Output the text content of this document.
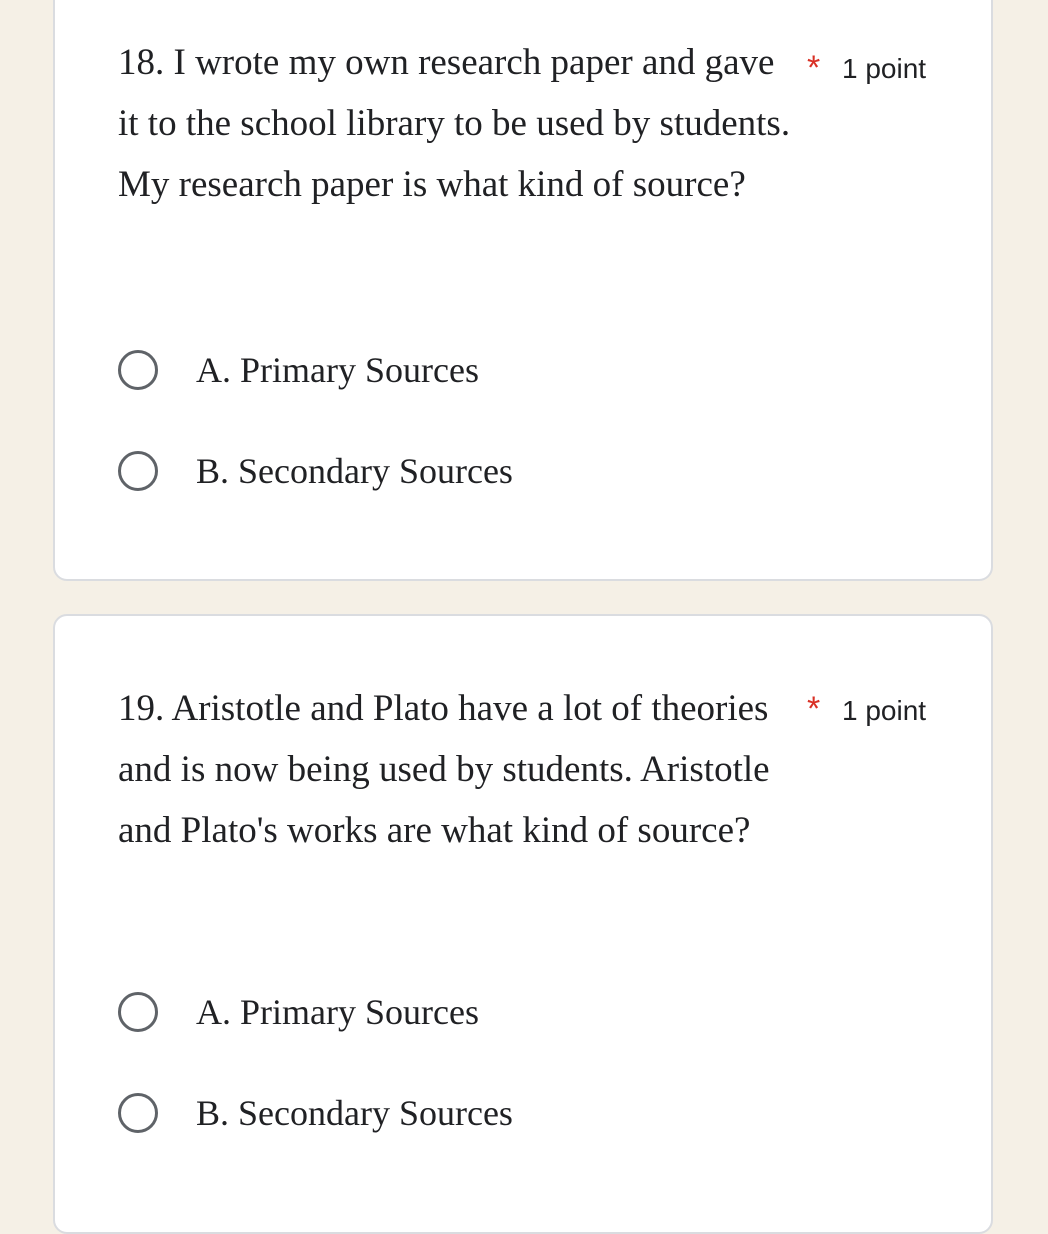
18. I wrote my own research paper and gave it to the school library to be used by students. My research paper is what kind of source?
* 1 point
A. Primary Sources
B. Secondary Sources
19. Aristotle and Plato have a lot of theories and is now being used by students. Aristotle and Plato's works are what kind of source?
* 1 point
A. Primary Sources
B. Secondary Sources
